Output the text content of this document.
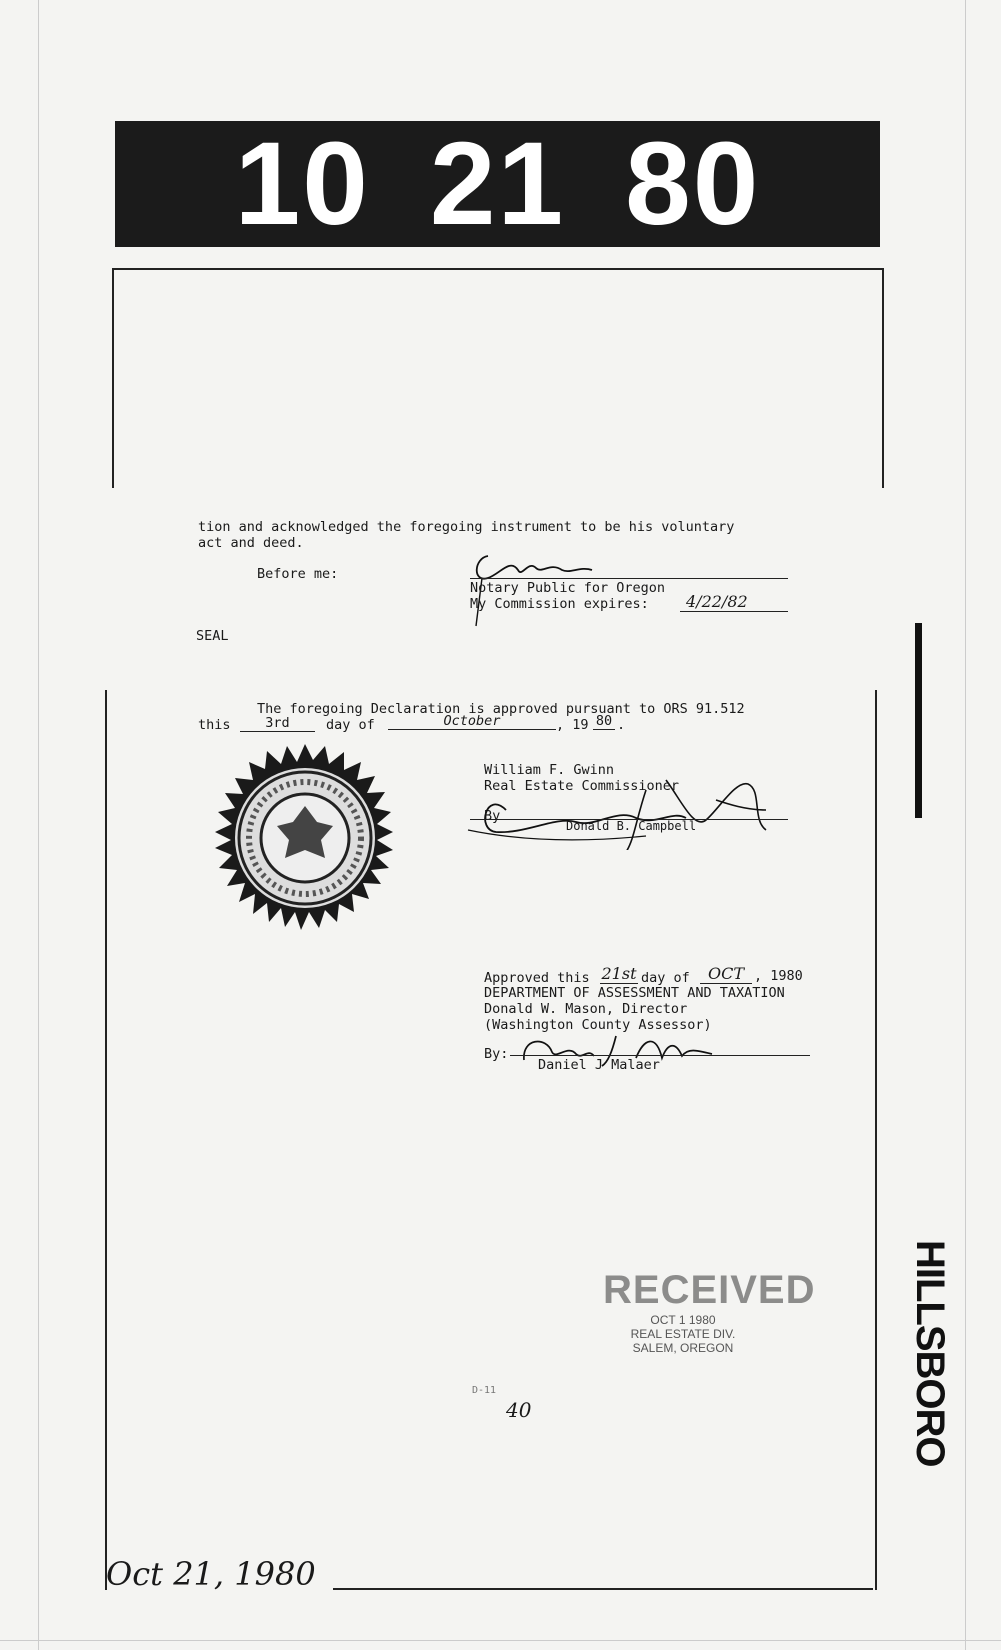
10 21 80
tion and acknowledged the foregoing instrument to be his voluntary
act and deed.
Before me:
SEAL
Notary Public for Oregon
My Commission expires: 4/22/82
The foregoing Declaration is approved pursuant to ORS 91.512
this	3rd	day of	October	, 19 80 .
William F. Gwinn
Real Estate Commissioner
By
Donald B. Campbell
Approved this 21st day of	OCT , 1980
DEPARTMENT OF ASSESSMENT AND TAXATION
Donald W. Mason, Director
(Washington County Assessor)
By:
Daniel J Malaer
RECEIVED
OCT 1 1980
REAL ESTATE DIV.
SALEM, OREGON
D-11
40
Oct 21, 1980
HILLSBORO
